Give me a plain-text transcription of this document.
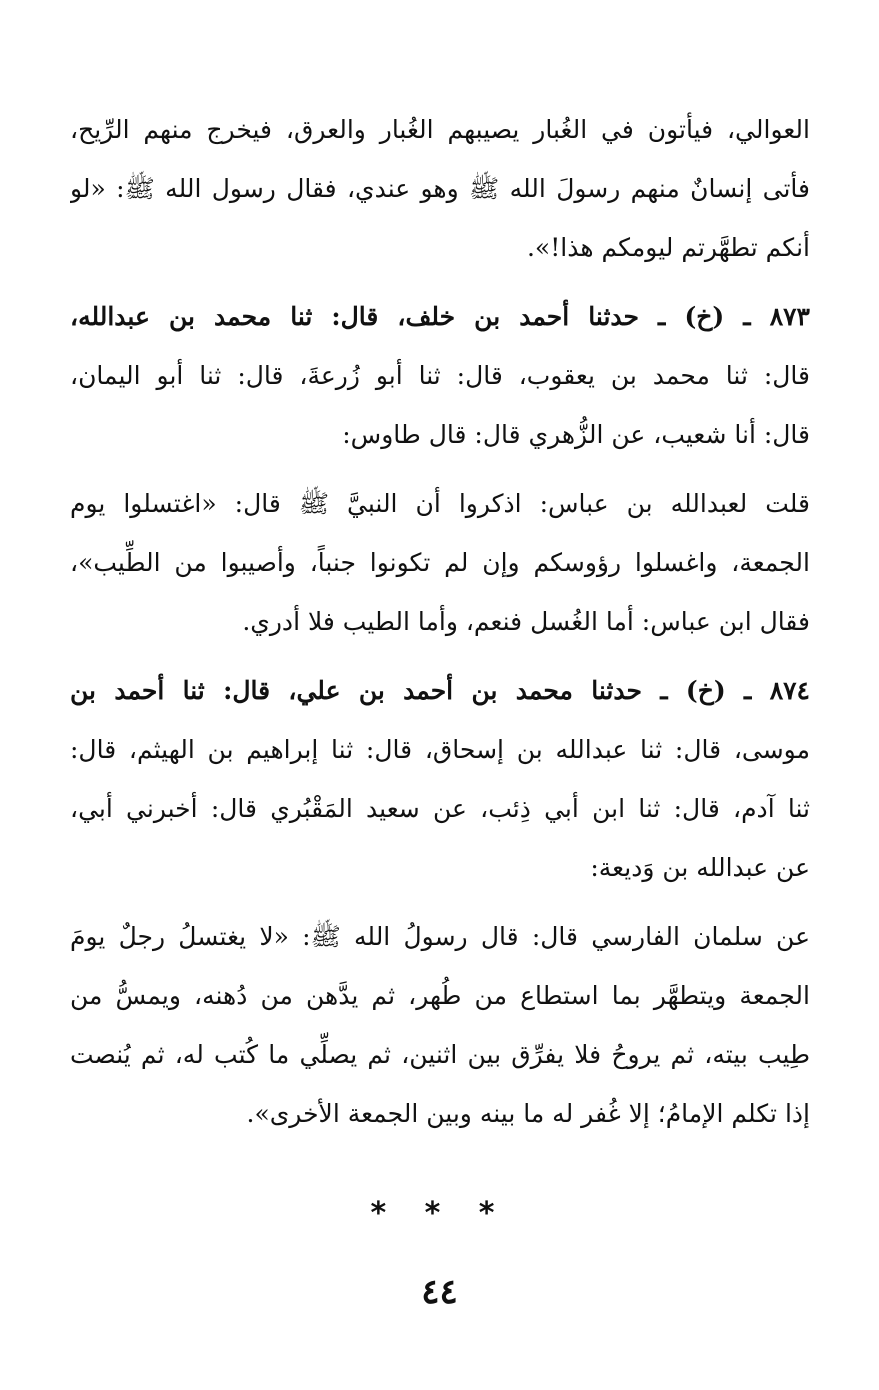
العوالي، فيأتون في الغُبار يصيبهم الغُبار والعرق، فيخرج منهم الرِّيح،
فأتى إنسانٌ منهم رسولَ الله ﷺ وهو عندي، فقال رسول الله ﷺ: «لو
أنكم تطهَّرتم ليومكم هذا!».
٨٧٣ ـ (خ) ـ حدثنا أحمد بن خلف، قال: ثنا محمد بن عبدالله،
قال: ثنا محمد بن يعقوب، قال: ثنا أبو زُرعةَ، قال: ثنا أبو اليمان،
قال: أنا شعيب، عن الزُّهري قال: قال طاوس:
قلت لعبدالله بن عباس: اذكروا أن النبيَّ ﷺ قال: «اغتسلوا يوم
الجمعة، واغسلوا رؤوسكم وإن لم تكونوا جنباً، وأصيبوا من الطِّيب»،
فقال ابن عباس: أما الغُسل فنعم، وأما الطيب فلا أدري.
٨٧٤ ـ (خ) ـ حدثنا محمد بن أحمد بن علي، قال: ثنا أحمد بن
موسى، قال: ثنا عبدالله بن إسحاق، قال: ثنا إبراهيم بن الهيثم، قال:
ثنا آدم، قال: ثنا ابن أبي ذِئب، عن سعيد المَقْبُري قال: أخبرني أبي،
عن عبدالله بن وَديعة:
عن سلمان الفارسي قال: قال رسولُ الله ﷺ: «لا يغتسلُ رجلٌ يومَ
الجمعة ويتطهَّر بما استطاع من طُهر، ثم يدَّهن من دُهنه، ويمسُّ من
طِيب بيته، ثم يروحُ فلا يفرِّق بين اثنين، ثم يصلِّي ما كُتب له، ثم يُنصت
إذا تكلم الإمامُ؛ إلا غُفر له ما بينه وبين الجمعة الأخرى».
* * *
٤٤
